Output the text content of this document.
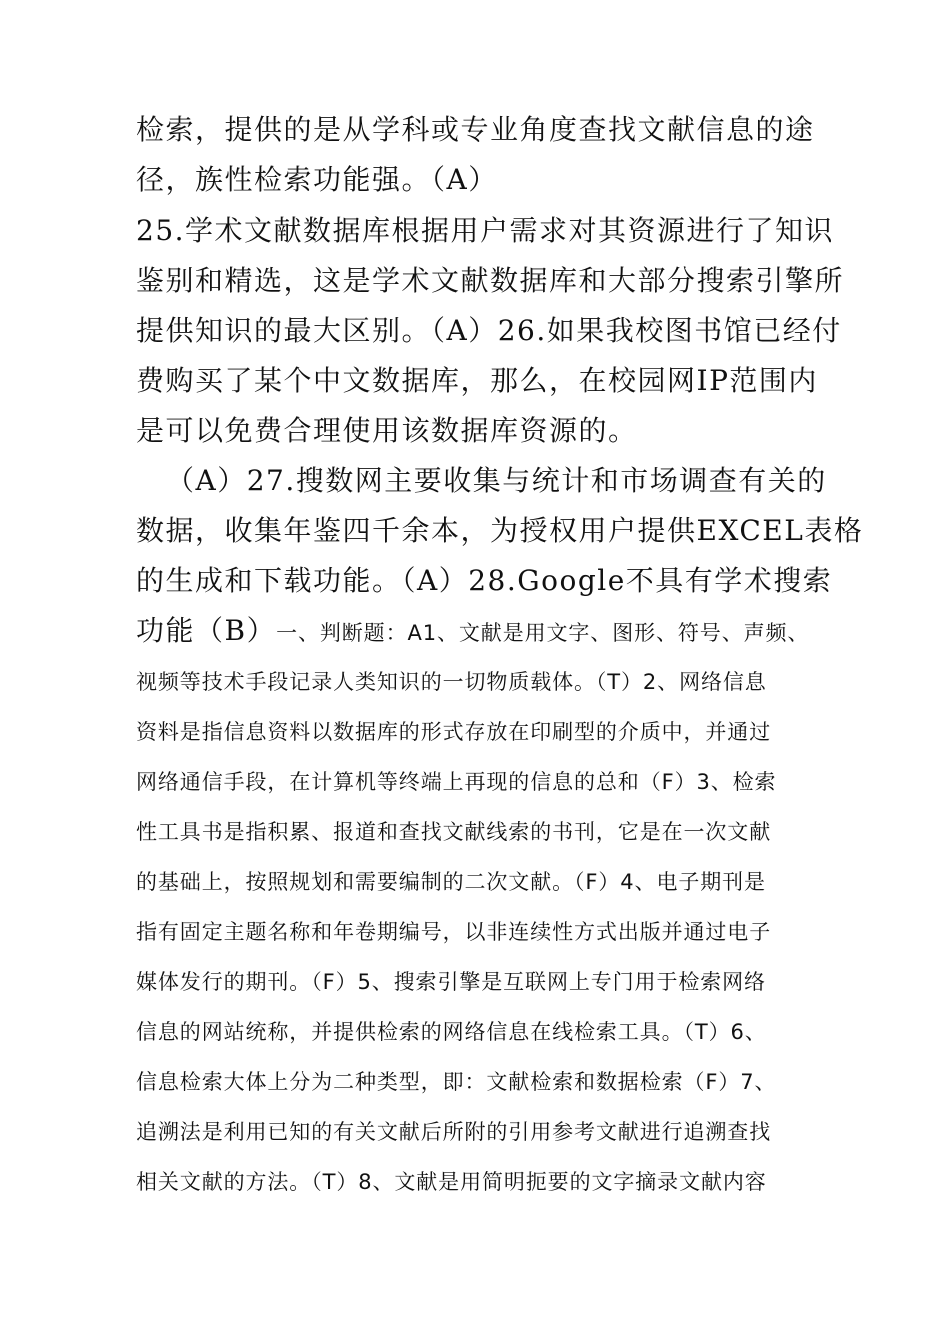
检索，提供的是从学科或专业角度查找文献信息的途
径，族性检索功能强。（A）
25.学术文献数据库根据用户需求对其资源进行了知识
鉴别和精选，这是学术文献数据库和大部分搜索引擎所
提供知识的最大区别。（A）26.如果我校图书馆已经付
费购买了某个中文数据库，那么，在校园网IP范围内
是可以免费合理使用该数据库资源的。
（A）27.搜数网主要收集与统计和市场调查有关的
数据，收集年鉴四千余本，为授权用户提供EXCEL表格
的生成和下载功能。（A）28.Google不具有学术搜索
功能（B）一、判断题：A1、文献是用文字、图形、符号、声频、
视频等技术手段记录人类知识的一切物质载体。（T）2、网络信息
资料是指信息资料以数据库的形式存放在印刷型的介质中，并通过
网络通信手段，在计算机等终端上再现的信息的总和（F）3、检索
性工具书是指积累、报道和查找文献线索的书刊，它是在一次文献
的基础上，按照规划和需要编制的二次文献。（F）4、电子期刊是
指有固定主题名称和年卷期编号，以非连续性方式出版并通过电子
媒体发行的期刊。（F）5、搜索引擎是互联网上专门用于检索网络
信息的网站统称，并提供检索的网络信息在线检索工具。（T）6、
信息检索大体上分为二种类型，即：文献检索和数据检索（F）7、
追溯法是利用已知的有关文献后所附的引用参考文献进行追溯查找
相关文献的方法。（T）8、文献是用简明扼要的文字摘录文献内容
